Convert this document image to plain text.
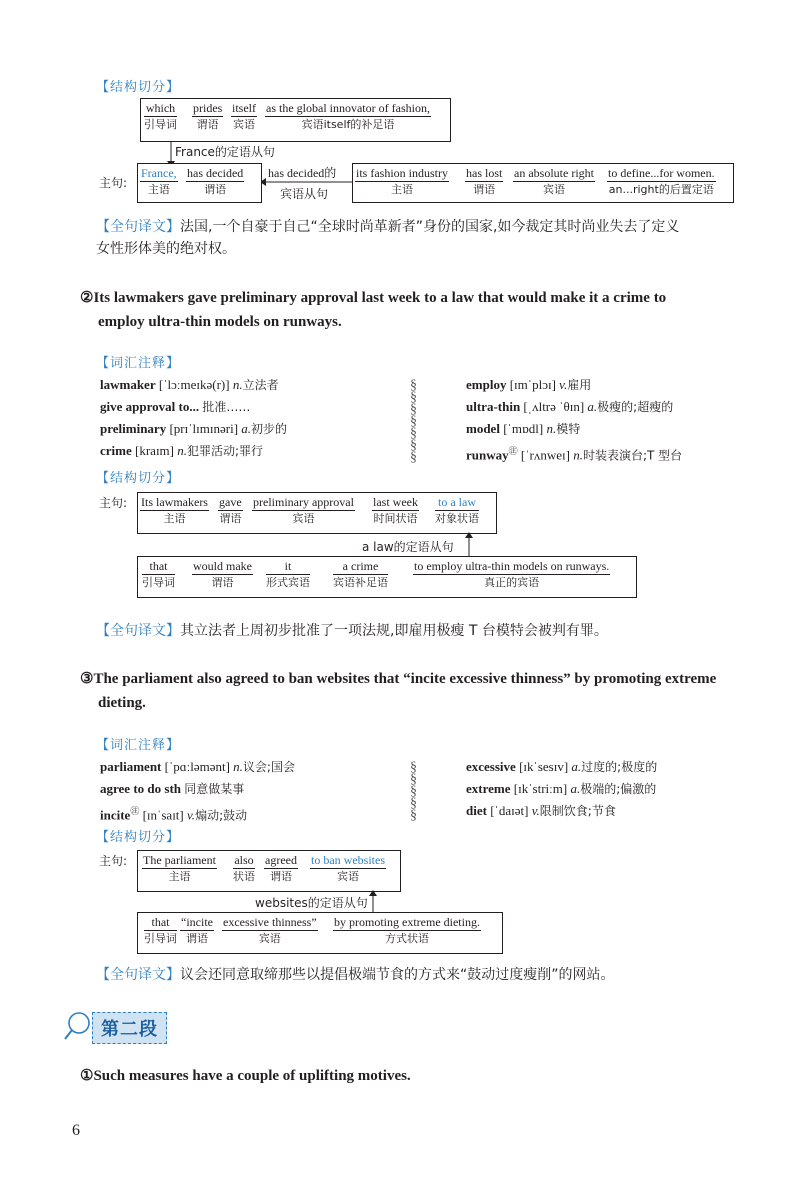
【结构切分】
which
引导词
prides
谓语
itself
宾语
as the global innovator of fashion,
宾语itself的补足语
France的定语从句
主句:
France,
主语
has decided
谓语
has decided的
宾语从句
its fashion industry
主语
has lost
谓语
an absolute right
宾语
to define...for women.
an...right的后置定语
【全句译文】法国,一个自豪于自己“全球时尚革新者”身份的国家,如今裁定其时尚业失去了定义
女性形体美的绝对权。
②Its lawmakers gave preliminary approval last week to a law that would make it a crime to
employ ultra-thin models on runways.
【词汇注释】
lawmaker [ˈlɔːmeɪkə(r)] n.立法者
give approval to... 批准……
preliminary [prɪˈlɪmɪnəri] a.初步的
crime [kraɪm] n.犯罪活动;罪行
§
§
§
§
§
§
§
employ [ɪmˈplɔɪ] v.雇用
ultra-thin [ˌʌltrə ˈθɪn] a.极瘦的;超瘦的
model [ˈmɒdl] n.模特
runway㊟ [ˈrʌnweɪ] n.时装表演台;T 型台
【结构切分】
主句: Its lawmakers
主语
gave
谓语
preliminary approval
宾语
last week
时间状语
to a law
对象状语
a law的定语从句
that
引导词
would make
谓语
it
形式宾语
a crime
宾语补足语
to employ ultra-thin models on runways.
真正的宾语
【全句译文】其立法者上周初步批准了一项法规,即雇用极瘦 T 台模特会被判有罪。
③The parliament also agreed to ban websites that “incite excessive thinness” by promoting extreme
dieting.
【词汇注释】
parliament [ˈpɑːləmənt] n.议会;国会
agree to do sth 同意做某事
incite㊟ [ɪnˈsaɪt] v.煽动;鼓动
§
§
§
§
§
excessive [ɪkˈsesɪv] a.过度的;极度的
extreme [ɪkˈstriːm] a.极端的;偏激的
diet [ˈdaɪət] v.限制饮食;节食
【结构切分】
主句: The parliament
主语
also
状语
agreed
谓语
to ban websites
宾语
websites的定语从句
that
引导词
“incite
谓语
excessive thinness”
宾语
by promoting extreme dieting.
方式状语
【全句译文】议会还同意取缔那些以提倡极端节食的方式来“鼓动过度瘦削”的网站。
第二段
①Such measures have a couple of uplifting motives.
6
